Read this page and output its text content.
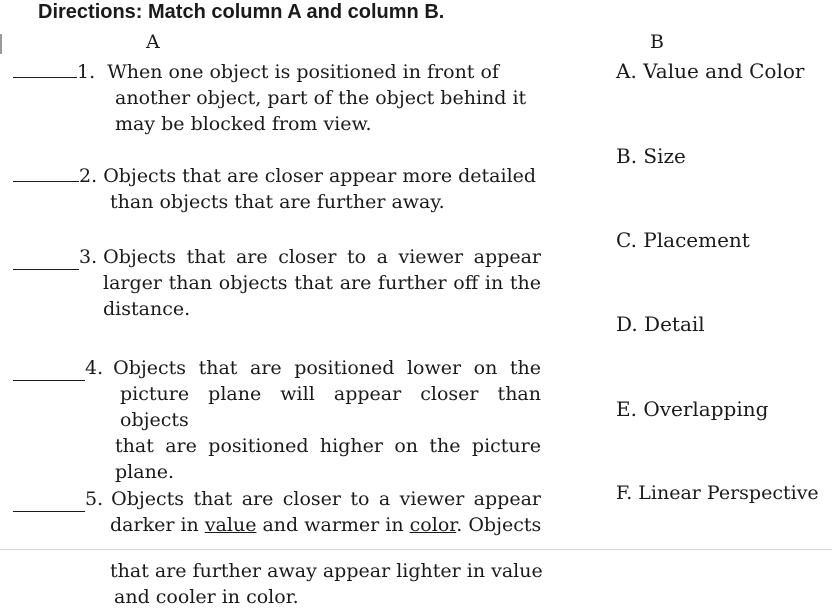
Directions: Match column A and column B.
A	B
1. When one object is positioned in front of
another object, part of the object behind it
may be blocked from view.
2. Objects that are closer appear more detailed
than objects that are further away.
3. Objects that are closer to a viewer appear
larger than objects that are further off in the
distance.
4. Objects that are positioned lower on the
picture plane will appear closer than objects
that are positioned higher on the picture
plane.
5. Objects that are closer to a viewer appear
darker in value and warmer in color. Objects
that are further away appear lighter in value
and cooler in color.
A. Value and Color
B. Size
C. Placement
D. Detail
E. Overlapping
F. Linear Perspective
